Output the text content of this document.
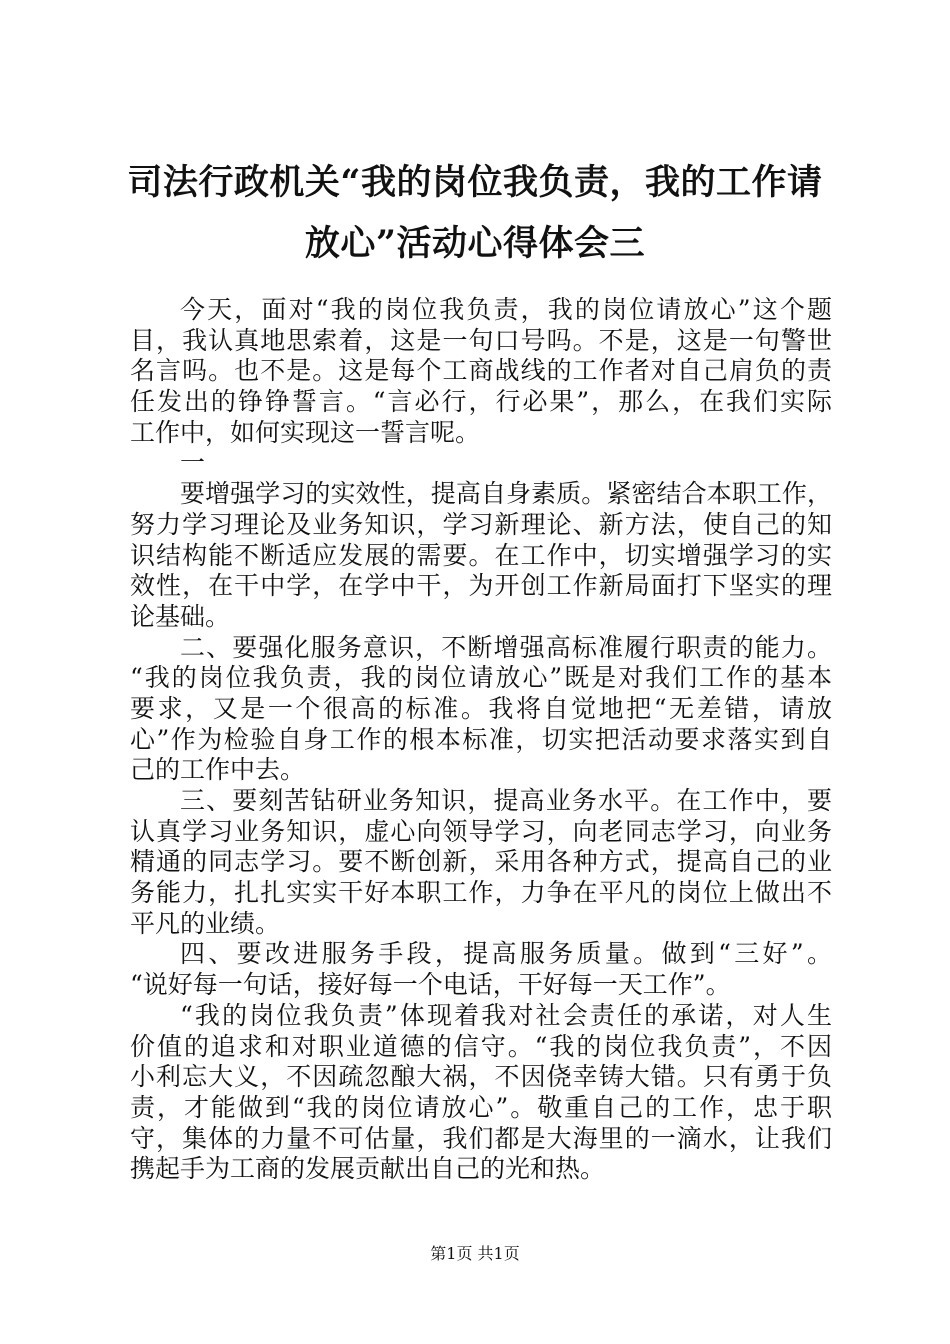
司法行政机关“我的岗位我负责，我的工作请
放心”活动心得体会三
今天，面对“我的岗位我负责，我的岗位请放心”这个题
目，我认真地思索着，这是一句口号吗。不是，这是一句警世
名言吗。也不是。这是每个工商战线的工作者对自己肩负的责
任发出的铮铮誓言。“言必行，行必果”，那么，在我们实际
工作中，如何实现这一誓言呢。
一
要增强学习的实效性，提高自身素质。紧密结合本职工作，
努力学习理论及业务知识，学习新理论、新方法，使自己的知
识结构能不断适应发展的需要。在工作中，切实增强学习的实
效性，在干中学，在学中干，为开创工作新局面打下坚实的理
论基础。
二、要强化服务意识，不断增强高标准履行职责的能力。
“我的岗位我负责，我的岗位请放心”既是对我们工作的基本
要求，又是一个很高的标准。我将自觉地把“无差错，请放
心”作为检验自身工作的根本标准，切实把活动要求落实到自
己的工作中去。
三、要刻苦钻研业务知识，提高业务水平。在工作中，要
认真学习业务知识，虚心向领导学习，向老同志学习，向业务
精通的同志学习。要不断创新，采用各种方式，提高自己的业
务能力，扎扎实实干好本职工作，力争在平凡的岗位上做出不
平凡的业绩。
四、要改进服务手段，提高服务质量。做到“三好”。
“说好每一句话，接好每一个电话，干好每一天工作”。
“我的岗位我负责”体现着我对社会责任的承诺，对人生
价值的追求和对职业道德的信守。“我的岗位我负责”，不因
小利忘大义，不因疏忽酿大祸，不因侥幸铸大错。只有勇于负
责，才能做到“我的岗位请放心”。敬重自己的工作，忠于职
守，集体的力量不可估量，我们都是大海里的一滴水，让我们
携起手为工商的发展贡献出自己的光和热。
第1页 共1页
